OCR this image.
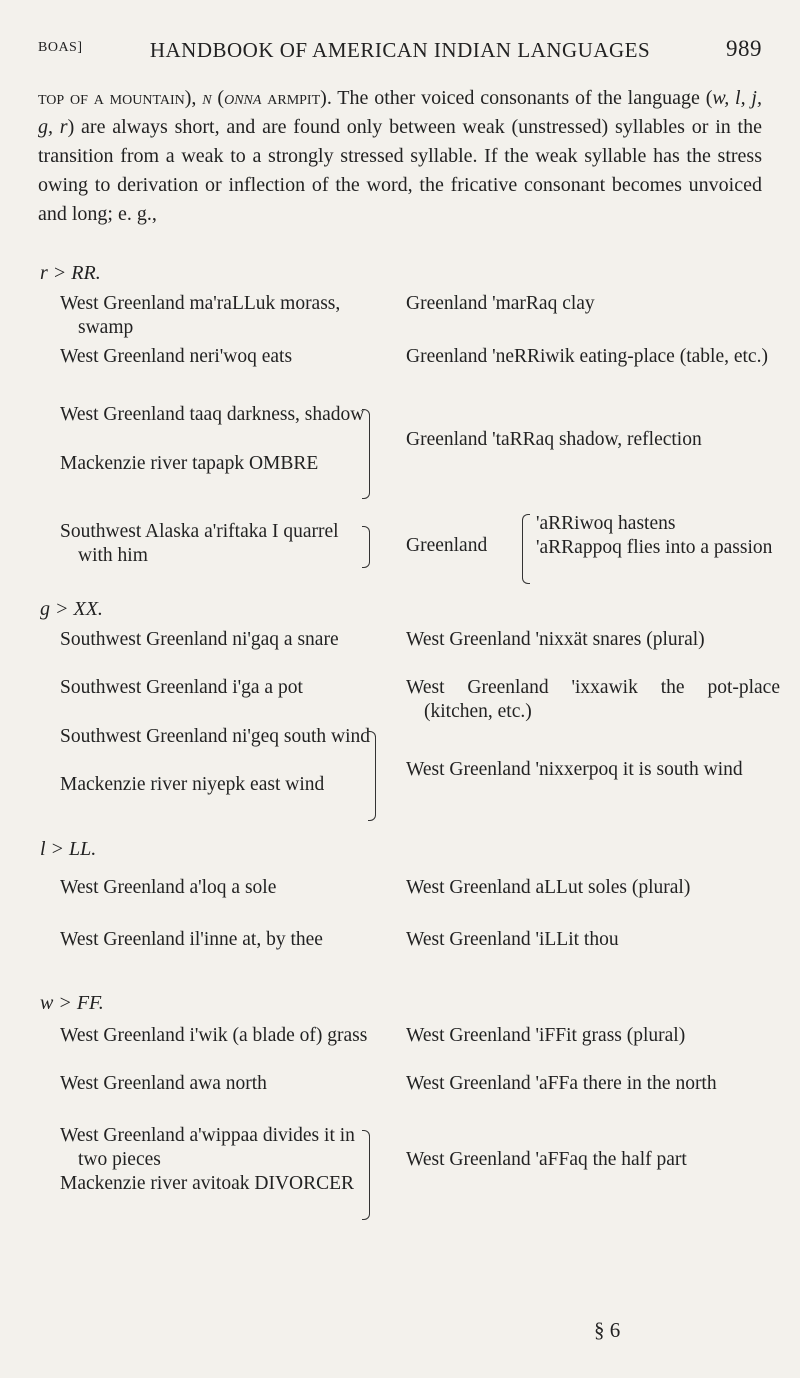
BOAS]	HANDBOOK OF AMERICAN INDIAN LANGUAGES	989
top of a mountain), n (onna armpit). The other voiced consonants of the language (w, l, j, g, r) are always short, and are found only between weak (unstressed) syllables or in the transition from a weak to a strongly stressed syllable. If the weak syllable has the stress owing to derivation or inflection of the word, the fricative consonant becomes unvoiced and long; e. g.,
r > RR.
West Greenland ma'raLLuk morass, swamp
West Greenland neri'woq eats
West Greenland taaq darkness, shadow
Mackenzie river tapapk OMBRE
Southwest Alaska a'riftaka I quarrel with him
Greenland 'marRaq clay
Greenland 'neRRiwik eating-place (table, etc.)
Greenland 'taRRaq shadow, reflection
Greenland
'aRRiwoq hastens
'aRRappoq flies into a passion
g > XX.
Southwest Greenland ni'gaq a snare
Southwest Greenland i'ga a pot
Southwest Greenland ni'geq south wind
Mackenzie river niyepk east wind
West Greenland 'nixxät snares (plural)
West Greenland 'ixxawik the pot-place (kitchen, etc.)
West Greenland 'nixxerpoq it is south wind
l > LL.
West Greenland a'loq a sole
West Greenland il'inne at, by thee
West Greenland aLLut soles (plural)
West Greenland 'iLLit thou
w > FF.
West Greenland i'wik (a blade of) grass
West Greenland awa north
West Greenland a'wippaa divides it in two pieces
Mackenzie river avitoak DIVORCER
West Greenland 'iFFit grass (plural)
West Greenland 'aFFa there in the north
West Greenland 'aFFaq the half part
§ 6
